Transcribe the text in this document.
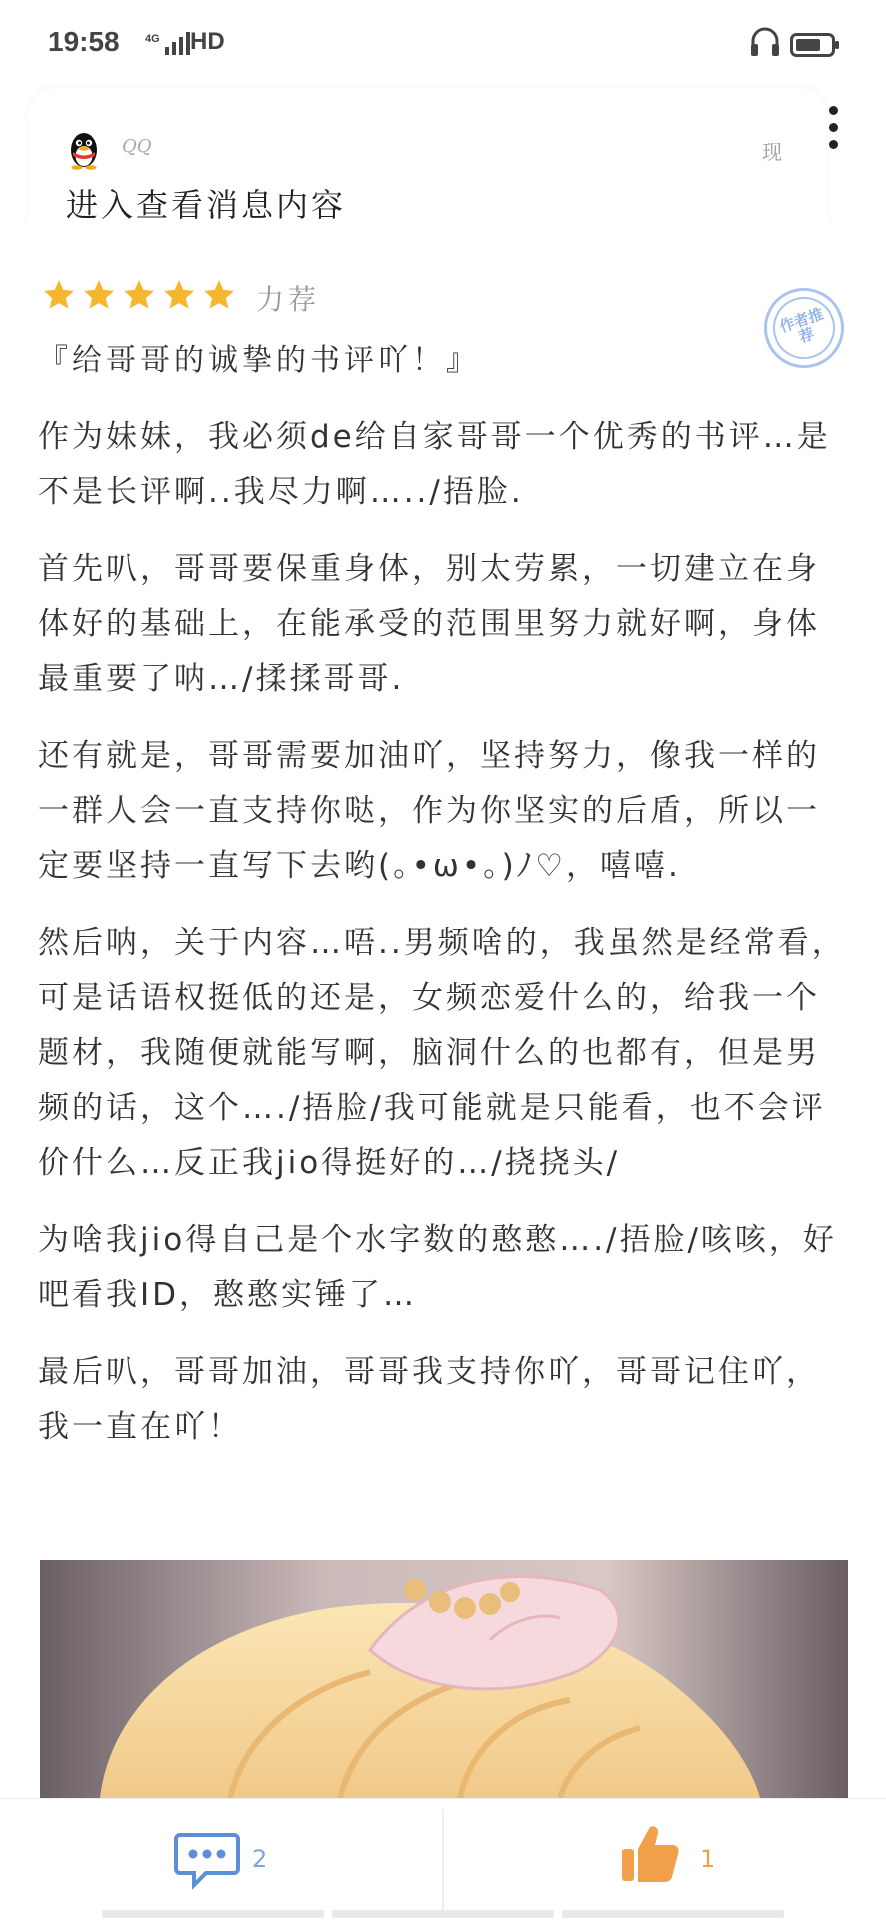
19:58 4G HD
QQ
进入查看消息内容
现
力荐
作者推荐
『给哥哥的诚挚的书评吖！』

作为妹妹，我必须de给自家哥哥一个优秀的书评…是不是长评啊..我尽力啊…../捂脸.

首先叭，哥哥要保重身体，别太劳累，一切建立在身体好的基础上，在能承受的范围里努力就好啊，身体最重要了呐…/揉揉哥哥.

还有就是，哥哥需要加油吖，坚持努力，像我一样的一群人会一直支持你哒，作为你坚实的后盾，所以一定要坚持一直写下去哟(｡•ω•｡)ﾉ♡，嘻嘻.

然后呐，关于内容…唔..男频啥的，我虽然是经常看，可是话语权挺低的还是，女频恋爱什么的，给我一个题材，我随便就能写啊，脑洞什么的也都有，但是男频的话，这个…./捂脸/我可能就是只能看，也不会评价什么…反正我jio得挺好的…/挠挠头/

为啥我jio得自己是个水字数的憨憨…./捂脸/咳咳，好吧看我ID，憨憨实锤了…

最后叭，哥哥加油，哥哥我支持你吖，哥哥记住吖，我一直在吖！

2	1
